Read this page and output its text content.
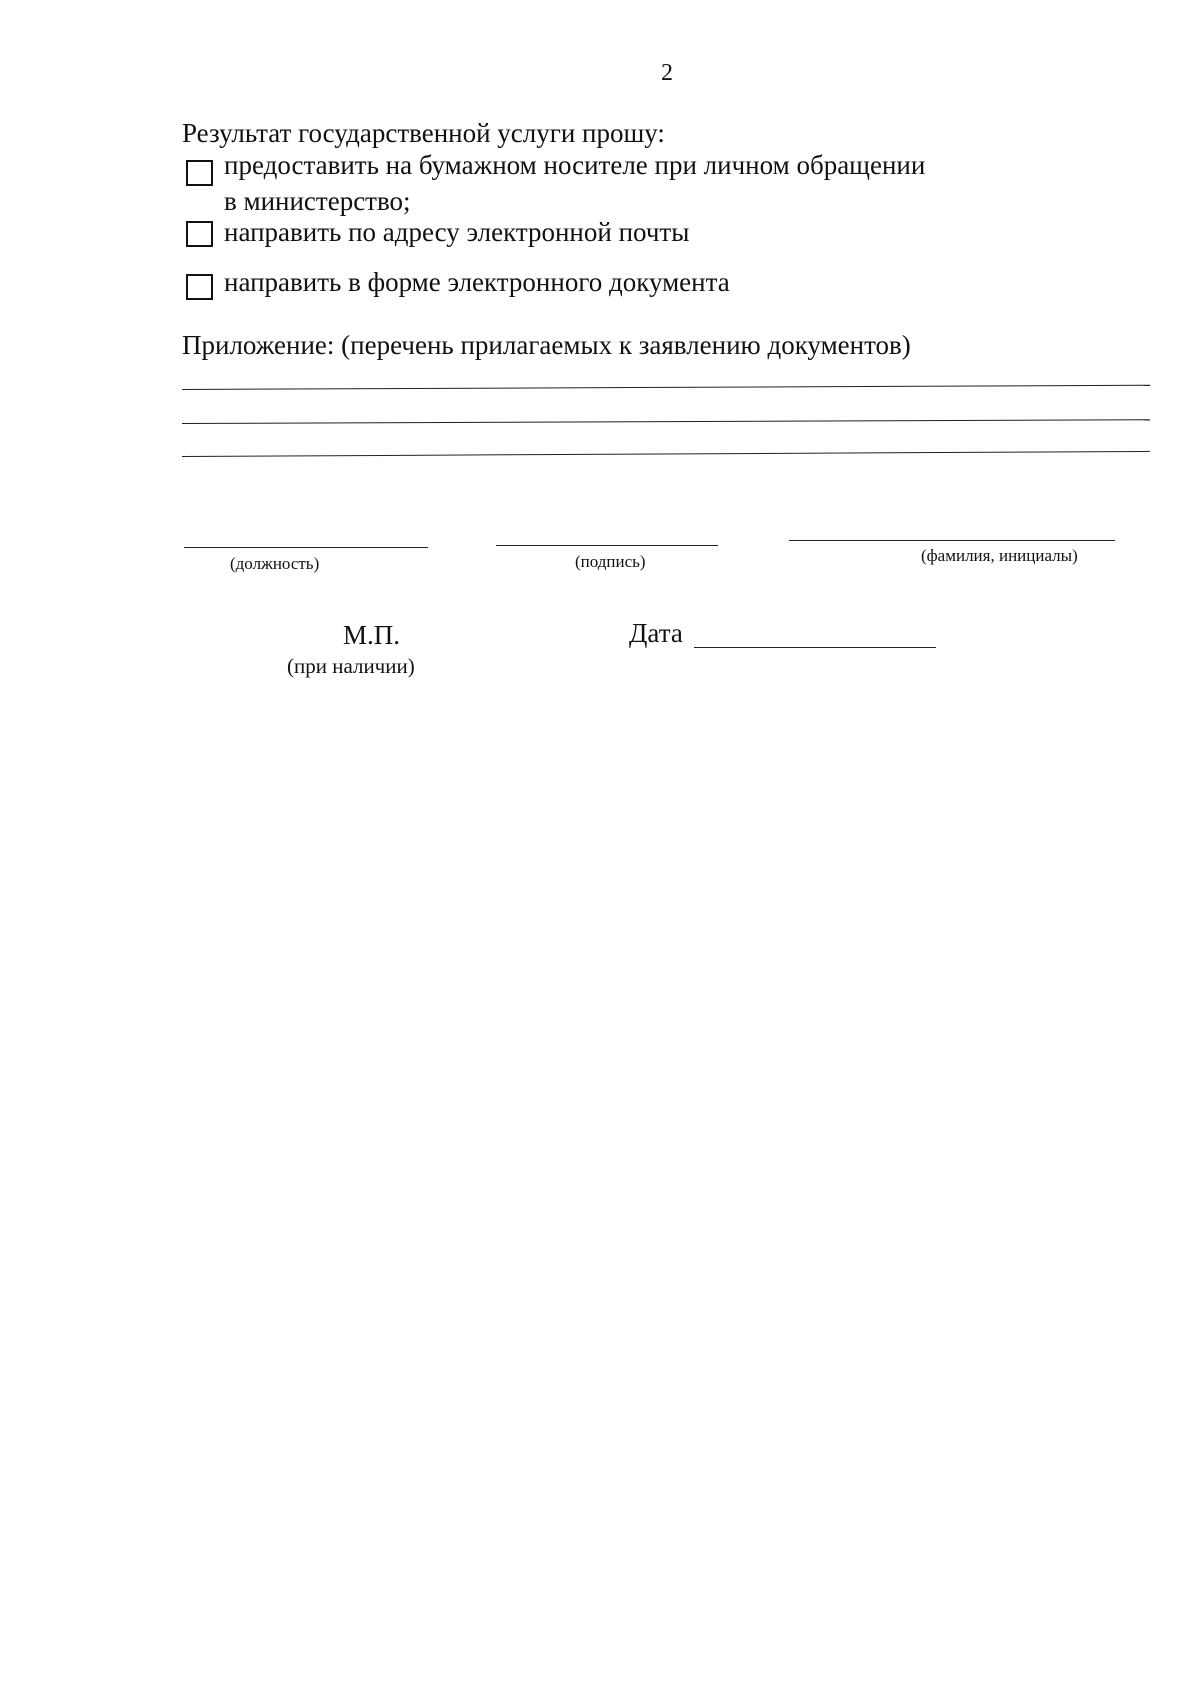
2
Результат государственной услуги прошу:
предоставить на бумажном носителе при личном обращении
в министерство;
направить по адресу электронной почты
направить в форме электронного документа
Приложение: (перечень прилагаемых к заявлению документов)
(должность)	(подпись)	(фамилия, инициалы)
М.П.
(при наличии)
Дата
